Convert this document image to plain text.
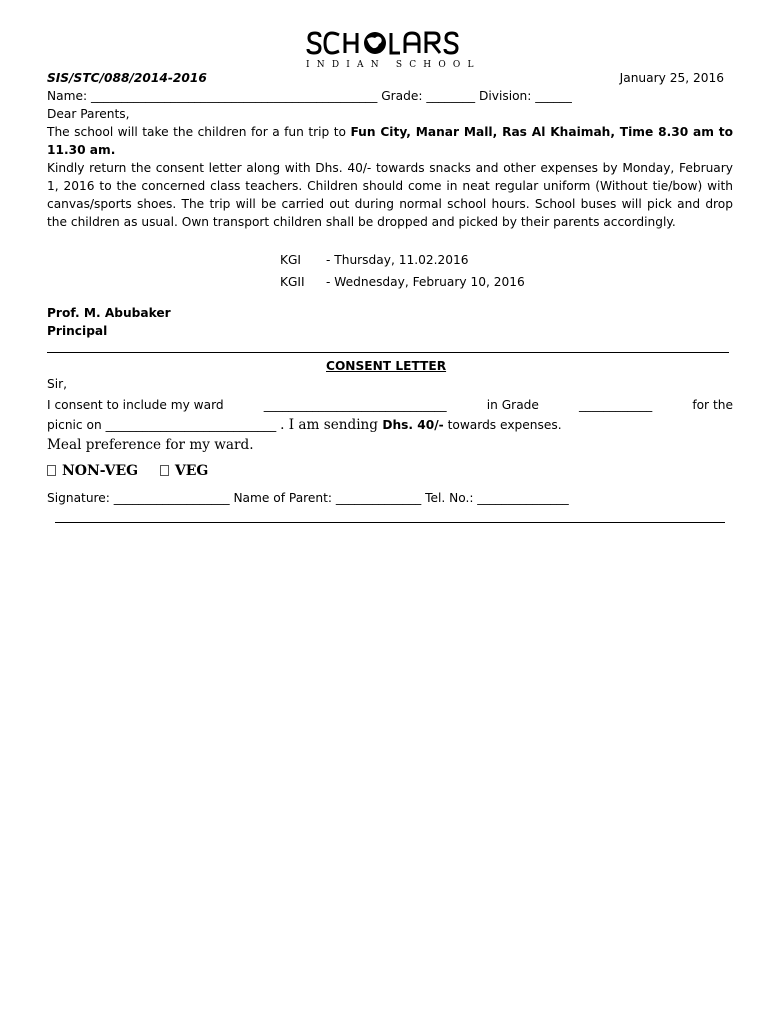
INDIAN SCHOOL
SIS/STC/088/2014-2016	January 25, 2016
Name: _______________________________________________ Grade: ________ Division: ______
Dear Parents,
The school will take the children for a fun trip to Fun City, Manar Mall, Ras Al Khaimah, Time 8.30 am to 11.30 am.
Kindly return the consent letter along with Dhs. 40/- towards snacks and other expenses by Monday, February 1, 2016 to the concerned class teachers. Children should come in neat regular uniform (Without tie/bow) with canvas/sports shoes. The trip will be carried out during normal school hours. School buses will pick and drop the children as usual. Own transport children shall be dropped and picked by their parents accordingly.
KGI - Thursday, 11.02.2016
KGII - Wednesday, February 10, 2016
Prof. M. Abubaker
Principal
CONSENT LETTER
Sir,
I consent to include my ward	______________________________	in Grade	____________	for the
picnic on ____________________________ . I am sending Dhs. 40/- towards expenses.
Meal preference for my ward.
NON-VEG	VEG
Signature: ___________________ Name of Parent: ______________ Tel. No.: _______________
